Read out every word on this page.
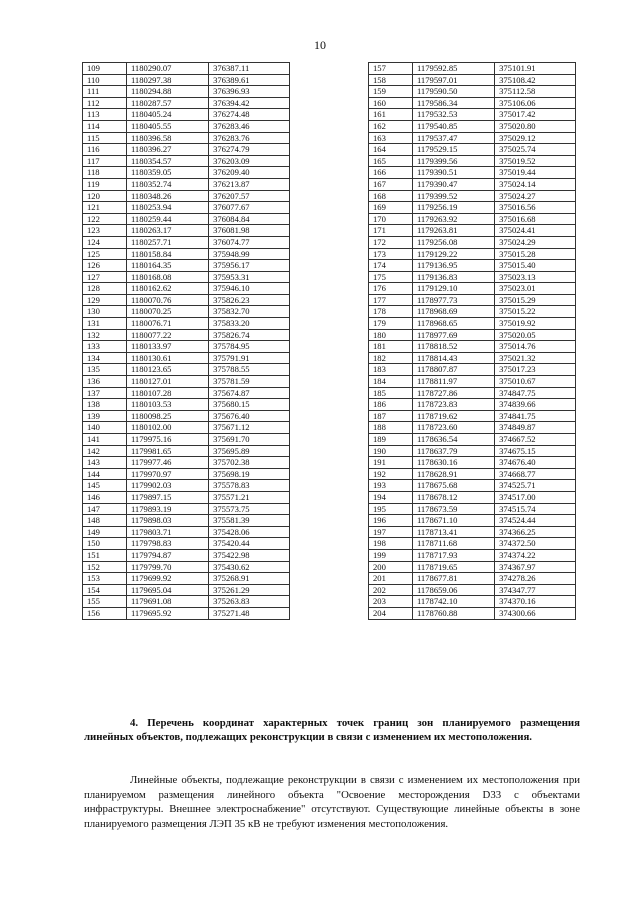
10
109	1180290.07	376387.11
110	1180297.38	376389.61
111	1180294.88	376396.93
112	1180287.57	376394.42
113	1180405.24	376274.48
114	1180405.55	376283.46
115	1180396.58	376283.76
116	1180396.27	376274.79
117	1180354.57	376203.09
118	1180359.05	376209.40
119	1180352.74	376213.87
120	1180348.26	376207.57
121	1180253.94	376077.67
122	1180259.44	376084.84
123	1180263.17	376081.98
124	1180257.71	376074.77
125	1180158.84	375948.99
126	1180164.35	375956.17
127	1180168.08	375953.31
128	1180162.62	375946.10
129	1180070.76	375826.23
130	1180070.25	375832.70
131	1180076.71	375833.20
132	1180077.22	375826.74
133	1180133.97	375784.95
134	1180130.61	375791.91
135	1180123.65	375788.55
136	1180127.01	375781.59
137	1180107.28	375674.87
138	1180103.53	375680.15
139	1180098.25	375676.40
140	1180102.00	375671.12
141	1179975.16	375691.70
142	1179981.65	375695.89
143	1179977.46	375702.38
144	1179970.97	375698.19
145	1179902.03	375578.83
146	1179897.15	375571.21
147	1179893.19	375573.75
148	1179898.03	375581.39
149	1179803.71	375428.06
150	1179798.83	375420.44
151	1179794.87	375422.98
152	1179799.70	375430.62
153	1179699.92	375268.91
154	1179695.04	375261.29
155	1179691.08	375263.83
156	1179695.92	375271.48
157	1179592.85	375101.91
158	1179597.01	375108.42
159	1179590.50	375112.58
160	1179586.34	375106.06
161	1179532.53	375017.42
162	1179540.85	375020.80
163	1179537.47	375029.12
164	1179529.15	375025.74
165	1179399.56	375019.52
166	1179390.51	375019.44
167	1179390.47	375024.14
168	1179399.52	375024.27
169	1179256.19	375016.56
170	1179263.92	375016.68
171	1179263.81	375024.41
172	1179256.08	375024.29
173	1179129.22	375015.28
174	1179136.95	375015.40
175	1179136.83	375023.13
176	1179129.10	375023.01
177	1178977.73	375015.29
178	1178968.69	375015.22
179	1178968.65	375019.92
180	1178977.69	375020.05
181	1178818.52	375014.76
182	1178814.43	375021.32
183	1178807.87	375017.23
184	1178811.97	375010.67
185	1178727.86	374847.75
186	1178723.83	374839.66
187	1178719.62	374841.75
188	1178723.60	374849.87
189	1178636.54	374667.52
190	1178637.79	374675.15
191	1178630.16	374676.40
192	1178628.91	374668.77
193	1178675.68	374525.71
194	1178678.12	374517.00
195	1178673.59	374515.74
196	1178671.10	374524.44
197	1178713.41	374366.25
198	1178711.68	374372.50
199	1178717.93	374374.22
200	1178719.65	374367.97
201	1178677.81	374278.26
202	1178659.06	374347.77
203	1178742.10	374370.16
204	1178760.88	374300.66
4. Перечень координат характерных точек границ зон планируемого размещения линейных объектов, подлежащих реконструкции в связи с изменением их местоположения.
Линейные объекты, подлежащие реконструкции в связи с изменением их местоположения при планируемом размещения линейного объекта "Освоение месторождения D33 с объектами инфраструктуры. Внешнее электроснабжение" отсутствуют. Существующие линейные объекты в зоне планируемого размещения ЛЭП 35 кВ не требуют изменения местоположения.
